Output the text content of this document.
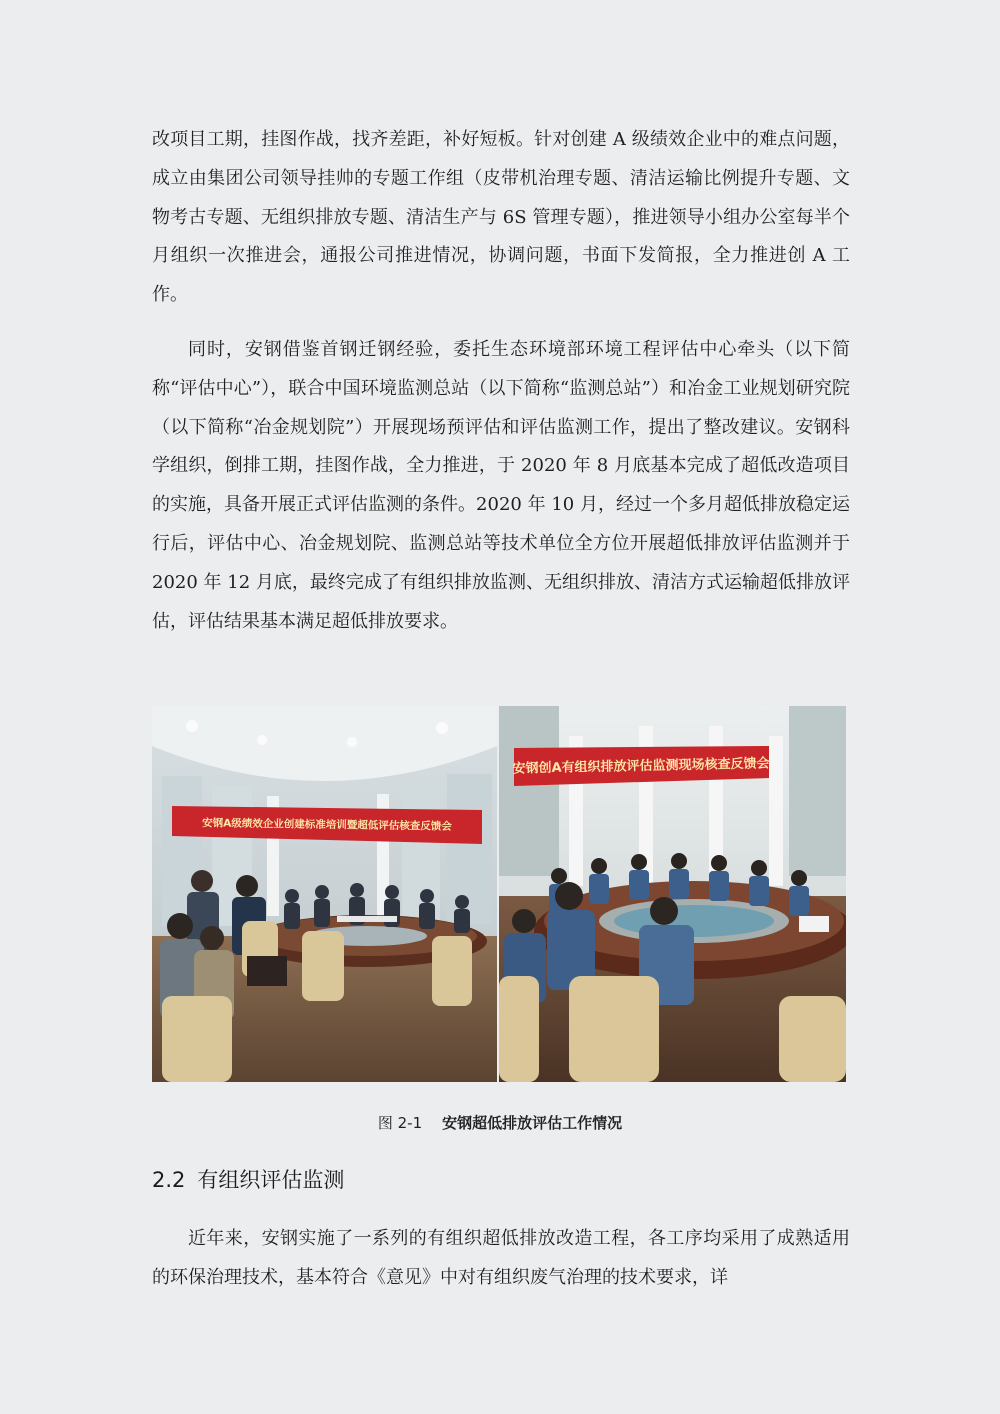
改项目工期，挂图作战，找齐差距，补好短板。针对创建 A 级绩效企业中的难点问题，成立由集团公司领导挂帅的专题工作组（皮带机治理专题、清洁运输比例提升专题、文物考古专题、无组织排放专题、清洁生产与 6S 管理专题），推进领导小组办公室每半个月组织一次推进会，通报公司推进情况，协调问题，书面下发简报，全力推进创 A 工作。

同时，安钢借鉴首钢迁钢经验，委托生态环境部环境工程评估中心牵头（以下简称“评估中心”），联合中国环境监测总站（以下简称“监测总站”）和冶金工业规划研究院（以下简称“冶金规划院”）开展现场预评估和评估监测工作，提出了整改建议。安钢科学组织，倒排工期，挂图作战，全力推进，于 2020 年 8 月底基本完成了超低改造项目的实施，具备开展正式评估监测的条件。2020 年 10 月，经过一个多月超低排放稳定运行后，评估中心、冶金规划院、监测总站等技术单位全方位开展超低排放评估监测并于 2020 年 12 月底，最终完成了有组织排放监测、无组织排放、清洁方式运输超低排放评估，评估结果基本满足超低排放要求。

安钢A级绩效企业创建标准培训暨超低评估核查反馈会
安钢创A有组织排放评估监测现场核查反馈会
图 2-1 安钢超低排放评估工作情况
2.2 有组织评估监测

近年来，安钢实施了一系列的有组织超低排放改造工程，各工序均采用了成熟适用的环保治理技术，基本符合《意见》中对有组织废气治理的技术要求，详
